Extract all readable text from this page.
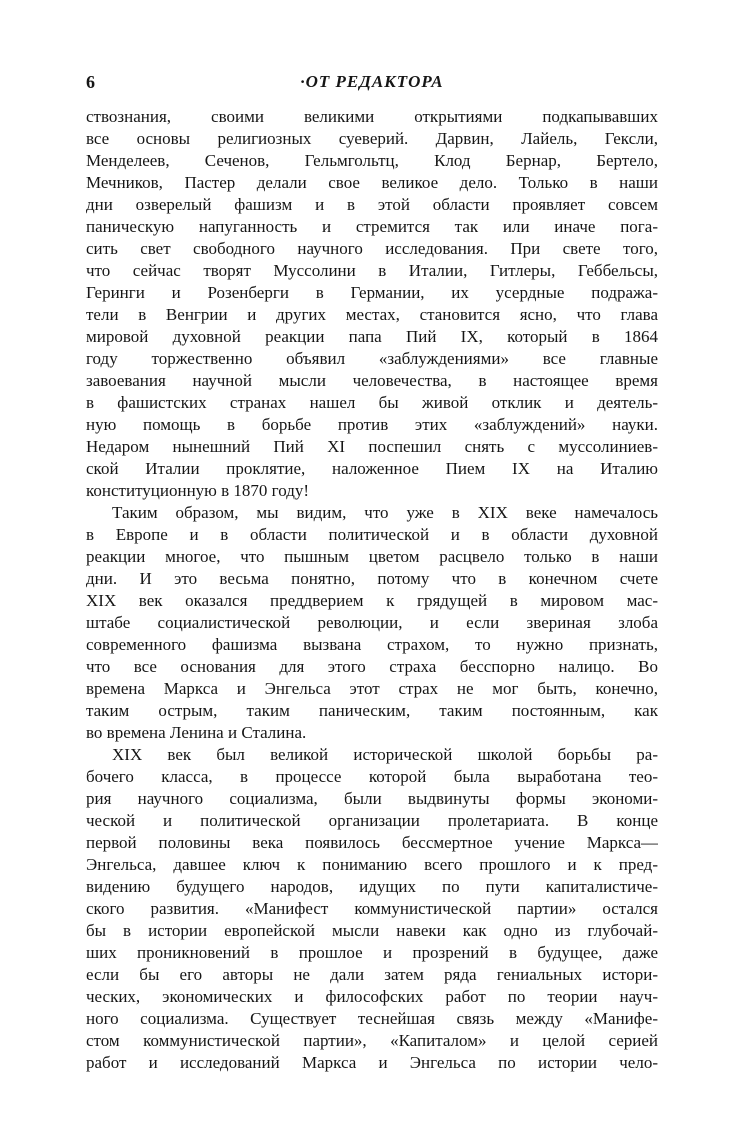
6	·ОТ РЕДАКТОРА
ствознания, своими великими открытиями подкапывавших
все основы религиозных суеверий. Дарвин, Лайель, Гексли,
Менделеев, Сеченов, Гельмгольтц, Клод Бернар, Бертело,
Мечников, Пастер делали свое великое дело. Только в наши
дни озверелый фашизм и в этой области проявляет совсем
паническую напуганность и стремится так или иначе пога-
сить свет свободного научного исследования. При свете того,
что сейчас творят Муссолини в Италии, Гитлеры, Геббельсы,
Геринги и Розенберги в Германии, их усердные подража-
тели в Венгрии и других местах, становится ясно, что глава
мировой духовной реакции папа Пий IX, который в 1864
году торжественно объявил «заблуждениями» все главные
завоевания научной мысли человечества, в настоящее время
в фашистских странах нашел бы живой отклик и деятель-
ную помощь в борьбе против этих «заблуждений» науки.
Недаром нынешний Пий XI поспешил снять с муссолиниев-
ской Италии проклятие, наложенное Пием IX на Италию
конституционную в 1870 году!
Таким образом, мы видим, что уже в XIX веке намечалось
в Европе и в области политической и в области духовной
реакции многое, что пышным цветом расцвело только в наши
дни. И это весьма понятно, потому что в конечном счете
XIX век оказался преддверием к грядущей в мировом мас-
штабе социалистической революции, и если звериная злоба
современного фашизма вызвана страхом, то нужно признать,
что все основания для этого страха бесспорно налицо. Во
времена Маркса и Энгельса этот страх не мог быть, конечно,
таким острым, таким паническим, таким постоянным, как
во времена Ленина и Сталина.
XIX век был великой исторической школой борьбы ра-
бочего класса, в процессе которой была выработана тео-
рия научного социализма, были выдвинуты формы экономи-
ческой и политической организации пролетариата. В конце
первой половины века появилось бессмертное учение Маркса—
Энгельса, давшее ключ к пониманию всего прошлого и к пред-
видению будущего народов, идущих по пути капиталистиче-
ского развития. «Манифест коммунистической партии» остался
бы в истории европейской мысли навеки как одно из глубочай-
ших проникновений в прошлое и прозрений в будущее, даже
если бы его авторы не дали затем ряда гениальных истори-
ческих, экономических и философских работ по теории науч-
ного социализма. Существует теснейшая связь между «Манифе-
стом коммунистической партии», «Капиталом» и целой серией
работ и исследований Маркса и Энгельса по истории чело-
